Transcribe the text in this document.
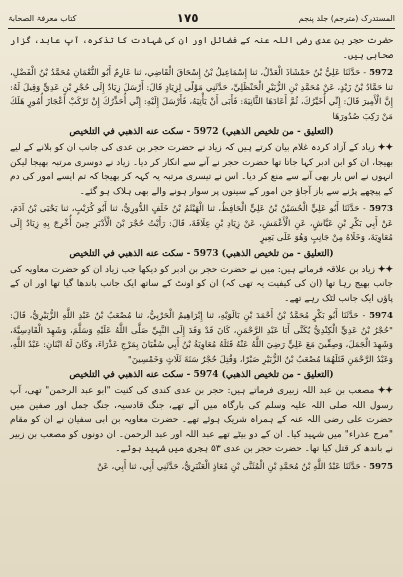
کتاب معرفۃ الصحابۃ	١٧٥	المستدرک (مترجم) جلد پنجم

حضرت حجر بن عدی رضی اللہ عنہ کے فضائل اور ان کی شہادت کا تذکرہ، آپ عابد، گزار صحابی ہیں۔

5972 - حَدَّثَنَا عَلِيُّ بْنُ حَمْشَاذَ الْعَدْلُ، ثنا إِسْمَاعِيلُ بْنُ إِسْحَاقَ الْقَاضِي، ثنا عَارِمٌ أَبُو النُّعْمَانِ مُحَمَّدُ بْنُ الْفَضْلِ، ثنا حَمَّادُ بْنُ زَيْدٍ، عَنْ مُحَمَّدِ بْنِ الزُّبَيْرِ الْحَنْظَلِيِّ، حَدَّثَنِي مَوْلًى لِزِيَادٍ قَالَ: أَرْسَلَ زِيَادٌ إِلَى حُجْرِ بْنِ عَدِيٍّ وَقِيلَ لَهُ: إِنَّ الْأَمِيرَ قَالَ: إِنِّي أُخَيِّرُكَ، ثُمَّ أَعَادَهَا الثَّانِيَةَ: فَأَبَى أَنْ يَأْتِيَهُ، فَأَرْسَلَ إِلَيْهِ: إِنِّي أُحَذِّرُكَ إِنْ تَرْكَبْ أَعْجَازَ أُمُورٍ هَلَكَ مَنْ رَكِبَ صُدُورَهَا

(التعليق - من تلخيص الذهبي) 5972 - سكت عنه الذهبي في التلخيص

✦✦ زیاد کے آزاد کردہ غلام بیان کرتے ہیں کہ زیاد نے حضرت حجر بن عدی کی جانب ان کو بلانے کے لیے بھیجا، ان کو ابن ادبر کہا جاتا تھا حضرت حجر نے آنے سے انکار کر دیا۔ زیاد نے دوسری مرتبہ بھیجا لیکن انہوں نے اس بار بھی آنے سے منع کر دیا۔ اس نے تیسری مرتبہ یہ کہہ کر بھیجا کہ تم ایسے امور کی دم کے پیچھے پڑنے سے باز آجاؤ جن امور کے سینوں پر سوار ہونے والے بھی ہلاک ہو گئے۔

5973 - حَدَّثَنَا أَبُو عَلِيٍّ الْحُسَيْنُ بْنُ عَلِيٍّ الْحَافِظُ، ثنا الْهَيْثَمُ بْنُ خَلَفٍ الدُّورِيُّ، ثنا أَبُو كُرَيْبٍ، ثنا يَحْيَى بْنُ آدَمَ، عَنْ أَبِي بَكْرِ بْنِ عَيَّاشٍ، عَنِ الْأَعْمَشِ، عَنْ زِيَادِ بْنِ عِلَاقَةَ، قَالَ: رَأَيْتُ حُجْرَ بْنَ الْأَدْبَرِ حِينَ أُخْرِجَ بِهِ زِيَادٌ إِلَى مُعَاوِيَةَ، وَخَلَاهُ مِنْ جَانِبٍ وَهُوَ عَلَى بَعِيرٍ

(التعليق - من تلخيص الذهبي) 5973 - سكت عنه الذهبي في التلخيص

✦✦ زیاد بن علاقہ فرماتے ہیں: میں نے حضرت حجر بن ادبر کو دیکھا جب زیاد ان کو حضرت معاویہ کی جانب بھیج رہا تھا (ان کی کیفیت یہ تھی کہ) ان کو اونٹ کے ساتھ ایک جانب باندھا گیا تھا اور ان کے پاؤں ایک جانب لٹک رہے تھے۔

5974 - حَدَّثَنَا أَبُو بَكْرٍ مُحَمَّدُ بْنُ أَحْمَدَ بْنِ بَالَوَيْهِ، ثنا إِبْرَاهِيمُ الْحَرْبِيُّ، ثنا مُصْعَبُ بْنُ عَبْدِ اللَّهِ الزُّبَيْرِيُّ، قَالَ: "حُجْرُ بْنُ عَدِيٍّ الْكِنْدِيُّ يُكَنَّى أَبَا عَبْدِ الرَّحْمَنِ، كَانَ قَدْ وَفَدَ إِلَى النَّبِيِّ صَلَّى اللَّهُ عَلَيْهِ وَسَلَّمَ، وَشَهِدَ الْقَادِسِيَّةَ، وَشَهِدَ الْجَمَلَ، وَصِفِّينَ مَعَ عَلِيٍّ رَضِيَ اللَّهُ عَنْهُ قَتَلَهُ مُعَاوِيَةُ بْنُ أَبِي سُفْيَانَ بِمَرْجِ عَذْرَاءَ، وَكَانَ لَهُ ابْنَانِ: عَبْدُ اللَّهِ، وَعَبْدُ الرَّحْمَنِ قَتَلَهُمَا مُصْعَبُ بْنُ الزُّبَيْرِ صَبْرًا، وَقُتِلَ حُجْرٌ سَنَةَ ثَلَاثٍ وَخَمْسِينَ"

(التعليق - من تلخيص الذهبي) 5974 - سكت عنه الذهبي في التلخيص

✦✦ مصعب بن عبد اللہ زبیری فرماتے ہیں: حجر بن عدی کندی کی کنیت "ابو عبد الرحمن" تھی، آپ رسول اللہ صلی اللہ علیہ وسلم کی بارگاہ میں آئے تھے، جنگ قادسیہ، جنگ جمل اور صفین میں حضرت علی رضی اللہ عنہ کے ہمراہ شریک ہوئے تھے۔ حضرت معاویہ بن ابی سفیان نے ان کو مقام "مرج عذراء" میں شہید کیا۔ ان کے دو بیٹے تھے عبد اللہ اور عبد الرحمن۔ ان دونوں کو مصعب بن زبیر نے باندھ کر قتل کیا تھا۔ حضرت حجر بن عدی ۵۳ ہجری میں شہید ہوئے۔

5975 - حَدَّثَنَا عَبْدُ اللَّهِ بْنُ مُحَمَّدِ بْنِ الْمُثَنَّى بْنِ مُعَاذٍ الْعَنْبَرِيُّ، حَدَّثَنِي أَبِي، ثنا أَبِي، عَنْ
